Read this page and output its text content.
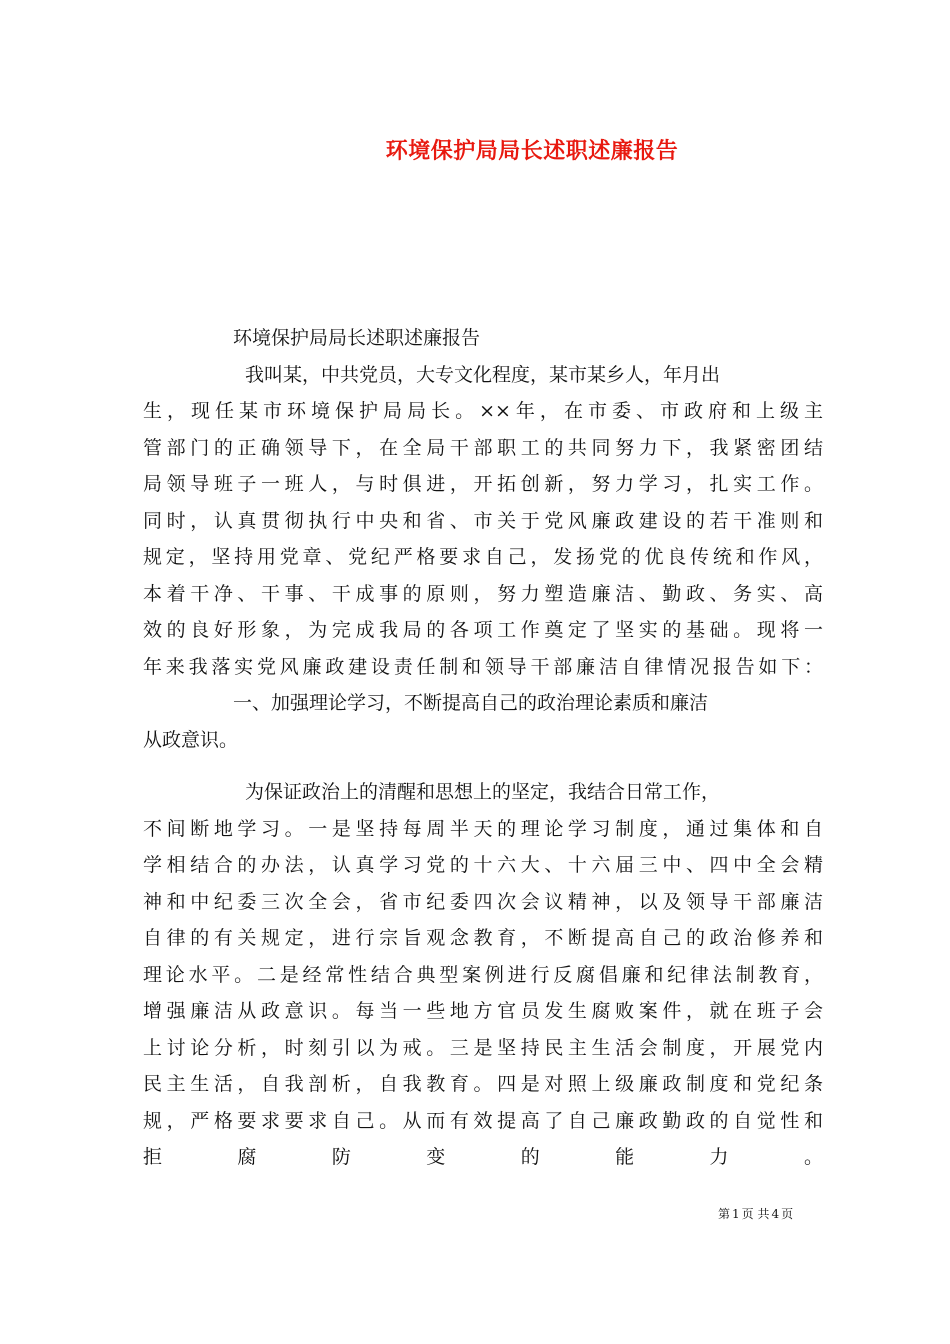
环境保护局局长述职述廉报告
环境保护局局长述职述廉报告
我叫某，中共党员，大专文化程度，某市某乡人，年月出
生，现任某市环境保护局局长。××年，在市委、市政府和上级主
管部门的正确领导下，在全局干部职工的共同努力下，我紧密团结
局领导班子一班人，与时俱进，开拓创新，努力学习，扎实工作。
同时，认真贯彻执行中央和省、市关于党风廉政建设的若干准则和
规定，坚持用党章、党纪严格要求自己，发扬党的优良传统和作风，
本着干净、干事、干成事的原则，努力塑造廉洁、勤政、务实、高
效的良好形象，为完成我局的各项工作奠定了坚实的基础。现将一
年来我落实党风廉政建设责任制和领导干部廉洁自律情况报告如下：
一、加强理论学习，不断提高自己的政治理论素质和廉洁
从政意识。
为保证政治上的清醒和思想上的坚定，我结合日常工作，
不间断地学习。一是坚持每周半天的理论学习制度，通过集体和自
学相结合的办法，认真学习党的十六大、十六届三中、四中全会精
神和中纪委三次全会，省市纪委四次会议精神，以及领导干部廉洁
自律的有关规定，进行宗旨观念教育，不断提高自己的政治修养和
理论水平。二是经常性结合典型案例进行反腐倡廉和纪律法制教育，
增强廉洁从政意识。每当一些地方官员发生腐败案件，就在班子会
上讨论分析，时刻引以为戒。三是坚持民主生活会制度，开展党内
民主生活，自我剖析，自我教育。四是对照上级廉政制度和党纪条
规，严格要求要求自己。从而有效提高了自己廉政勤政的自觉性和
拒腐防变的能力。
第 1 页 共 4 页
